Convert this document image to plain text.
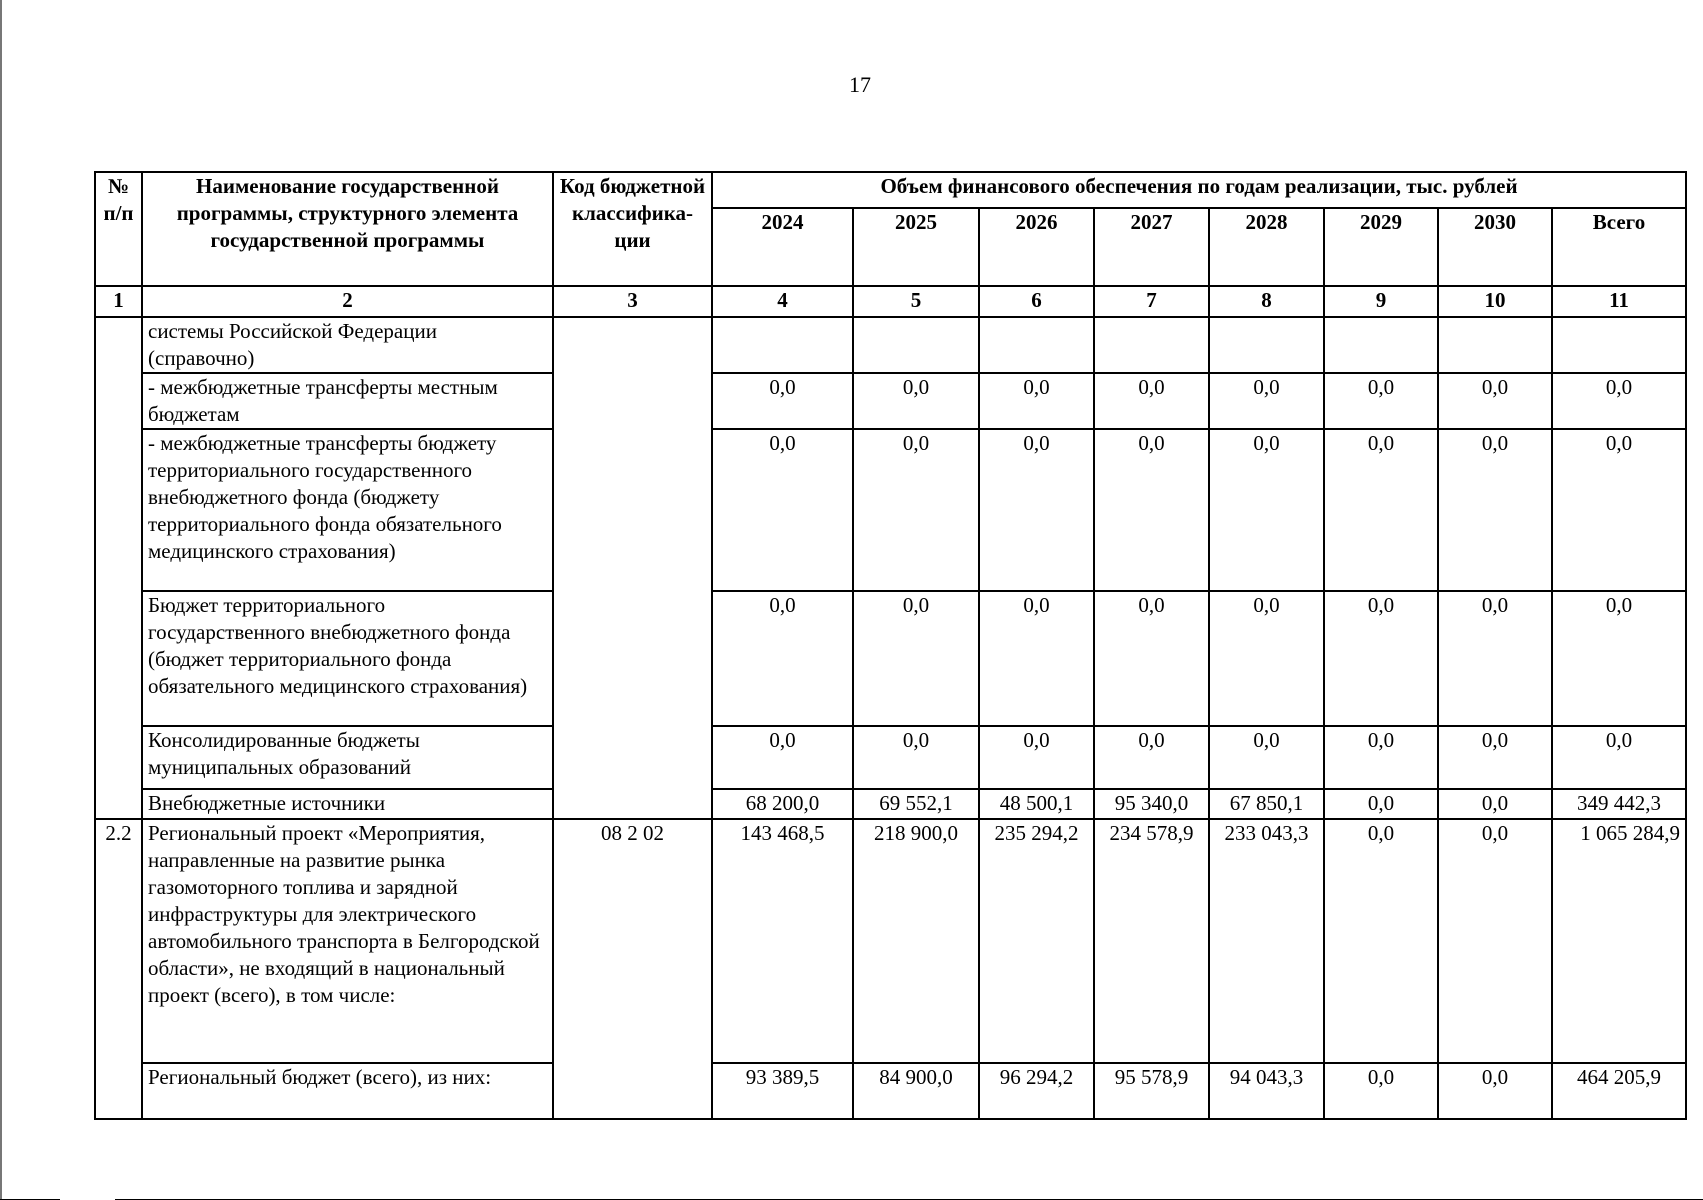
17
№ п/п	Наименование государственной программы, структурного элемента государственной программы	Код бюджетной классифика-ции	Объем финансового обеспечения по годам реализации, тыс. рублей							
			2024	2025	2026	2027	2028	2029	2030	Всего
1	2	3	4	5	6	7	8	9	10	11
	системы Российской Федерации (справочно)									
	- межбюджетные трансферты местным бюджетам		0,0	0,0	0,0	0,0	0,0	0,0	0,0	0,0
	- межбюджетные трансферты бюджету территориального государственного внебюджетного фонда (бюджету территориального фонда обязательного медицинского страхования)		0,0	0,0	0,0	0,0	0,0	0,0	0,0	0,0
	Бюджет территориального государственного внебюджетного фонда (бюджет территориального фонда обязательного медицинского страхования)		0,0	0,0	0,0	0,0	0,0	0,0	0,0	0,0
	Консолидированные бюджеты муниципальных образований		0,0	0,0	0,0	0,0	0,0	0,0	0,0	0,0
	Внебюджетные источники		68 200,0	69 552,1	48 500,1	95 340,0	67 850,1	0,0	0,0	349 442,3
2.2	Региональный проект «Мероприятия, направленные на развитие рынка газомоторного топлива и зарядной инфраструктуры для электрического автомобильного транспорта в Белгородской области», не входящий в национальный проект (всего), в том числе:	08 2 02	143 468,5	218 900,0	235 294,2	234 578,9	233 043,3	0,0	0,0	1 065 284,9
	Региональный бюджет (всего), из них:		93 389,5	84 900,0	96 294,2	95 578,9	94 043,3	0,0	0,0	464 205,9
